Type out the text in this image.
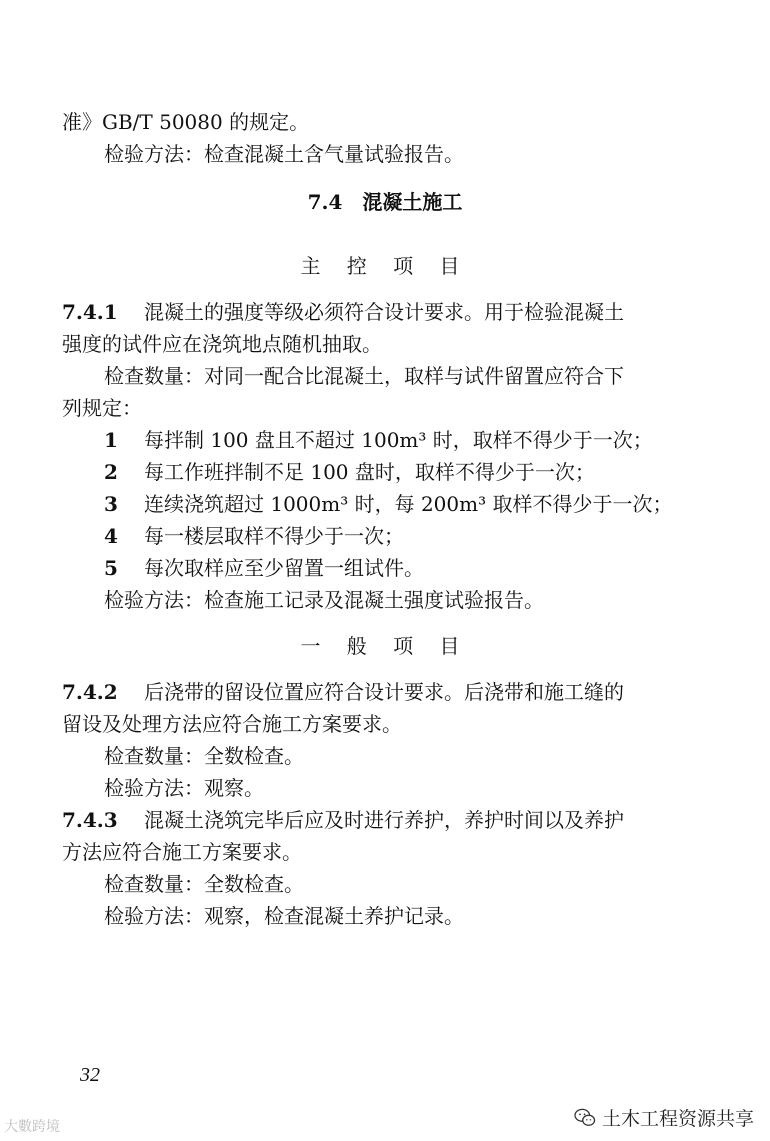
准》GB/T 50080 的规定。
检验方法：检查混凝土含气量试验报告。
7.4　混凝土施工
主 控 项 目
7.4.1 混凝土的强度等级必须符合设计要求。用于检验混凝土
强度的试件应在浇筑地点随机抽取。
检查数量：对同一配合比混凝土，取样与试件留置应符合下
列规定：
1 每拌制 100 盘且不超过 100m³ 时，取样不得少于一次；
2 每工作班拌制不足 100 盘时，取样不得少于一次；
3 连续浇筑超过 1000m³ 时，每 200m³ 取样不得少于一次；
4 每一楼层取样不得少于一次；
5 每次取样应至少留置一组试件。
检验方法：检查施工记录及混凝土强度试验报告。
一 般 项 目
7.4.2 后浇带的留设位置应符合设计要求。后浇带和施工缝的
留设及处理方法应符合施工方案要求。
检查数量：全数检查。
检验方法：观察。
7.4.3 混凝土浇筑完毕后应及时进行养护，养护时间以及养护
方法应符合施工方案要求。
检查数量：全数检查。
检验方法：观察，检查混凝土养护记录。
32
土木工程资源共享
大數跨境
